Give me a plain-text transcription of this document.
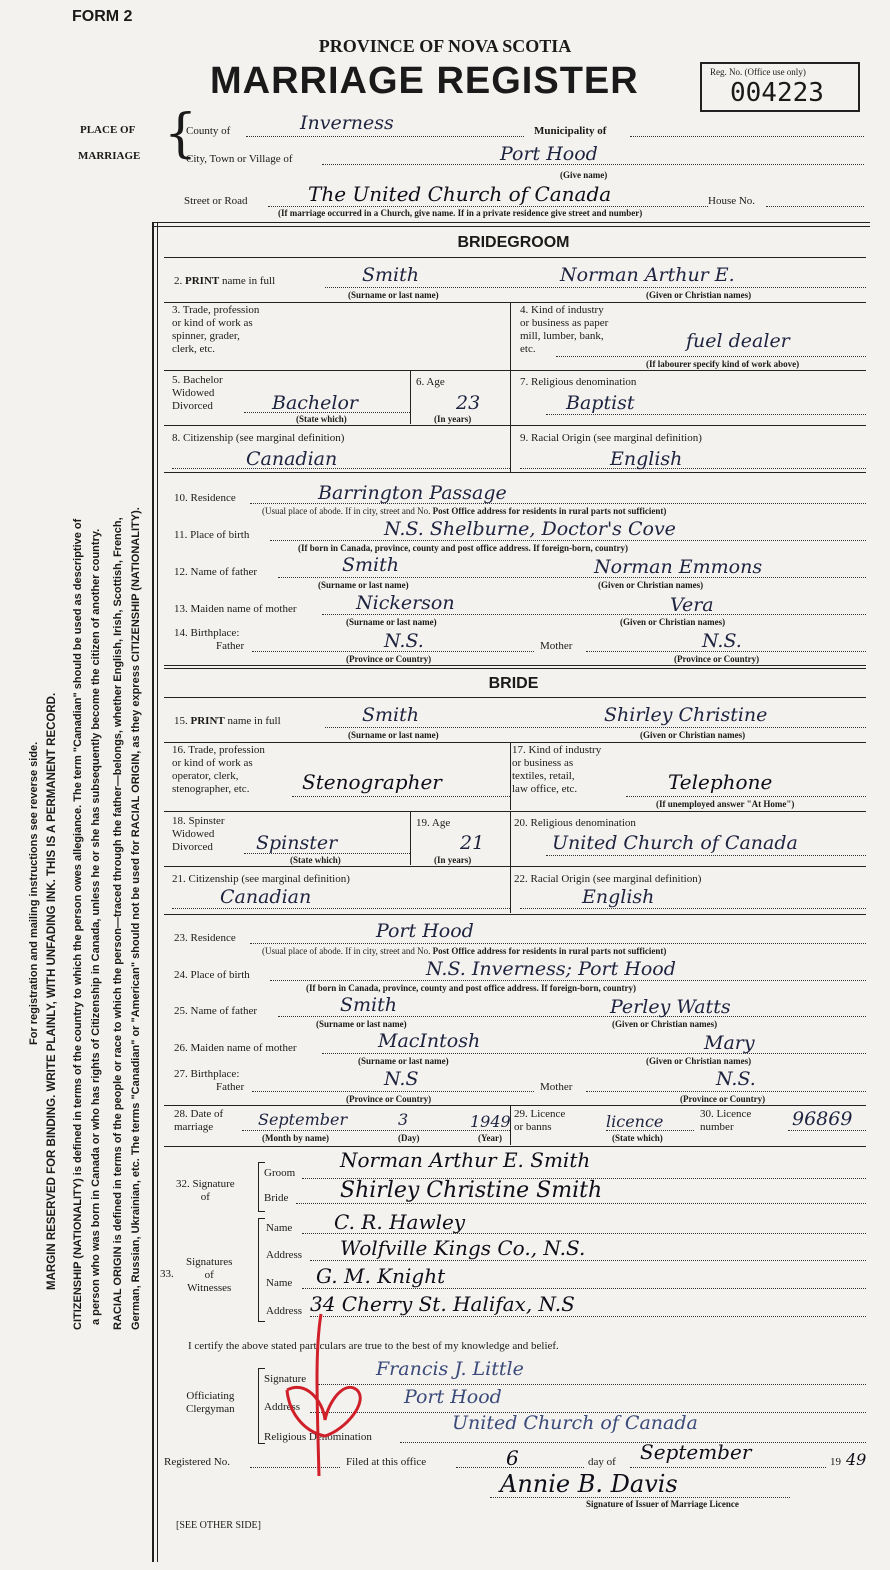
FORM 2
PROVINCE OF NOVA SCOTIA
MARRIAGE REGISTER	Reg. No. (Office use only)
004223
For registration and mailing instructions see reverse side. MARGIN RESERVED FOR BINDING. WRITE PLAINLY, WITH UNFADING INK. THIS IS A PERMANENT RECORD. CITIZENSHIP (NATIONALITY) is defined in terms of the country to which the person owes allegiance. The term "Canadian" should be used as descriptive of a person who was born in Canada or who has rights of Citizenship in Canada, unless he or she has subsequently become the citizen of another country. RACIAL ORIGIN is defined in terms of the people or race to which the person—traced through the father—belongs, whether English, Irish, Scottish, French, German, Russian, Ukrainian, etc. The terms "Canadian" or "American" should not be used for RACIAL ORIGIN, as they express CITIZENSHIP (NATIONALITY).
PLACE OF
MARRIAGE {
County of	Inverness	Municipality of
City, Town or Village of	Port Hood
(Give name)
Street or Road	The United Church of Canada	House No.
(If marriage occurred in a Church, give name. If in a private residence give street and number)
BRIDEGROOM
2. PRINT name in full	Smith	Norman Arthur E.
(Surname or last name)	(Given or Christian names)
3. Trade, profession
or kind of work as
spinner, grader,
clerk, etc.
4. Kind of industry
or business as paper
mill, lumber, bank,
etc.	fuel dealer
(If labourer specify kind of work above)
5. Bachelor
Widowed
Divorced	Bachelor
(State which)
6. Age
23
(In years)
7. Religious denomination
Baptist
8. Citizenship (see marginal definition)
Canadian
9. Racial Origin (see marginal definition)
English
10. Residence	Barrington Passage
(Usual place of abode. If in city, street and No. Post Office address for residents in rural parts not sufficient)
11. Place of birth	N.S. Shelburne, Doctor's Cove
(If born in Canada, province, county and post office address. If foreign-born, country)
12. Name of father	Smith	Norman Emmons
(Surname or last name)	(Given or Christian names)
13. Maiden name of mother	Nickerson	Vera
(Surname or last name)	(Given or Christian names)
14. Birthplace:
Father	N.S.	Mother	N.S.
(Province or Country)	(Province or Country)
BRIDE
15. PRINT name in full	Smith	Shirley Christine
(Surname or last name)	(Given or Christian names)
16. Trade, profession
or kind of work as
operator, clerk,
stenographer, etc.	Stenographer
17. Kind of industry
or business as
textiles, retail,
law office, etc.	Telephone
(If unemployed answer "At Home")
18. Spinster
Widowed
Divorced	Spinster
(State which)
19. Age
21
(In years)
20. Religious denomination
United Church of Canada
21. Citizenship (see marginal definition)
Canadian
22. Racial Origin (see marginal definition)
English
23. Residence	Port Hood
(Usual place of abode. If in city, street and No. Post Office address for residents in rural parts not sufficient)
24. Place of birth	N.S. Inverness; Port Hood
(If born in Canada, province, county and post office address. If foreign-born, country)
25. Name of father	Smith	Perley Watts
(Surname or last name)	(Given or Christian names)
26. Maiden name of mother	MacIntosh	Mary
(Surname or last name)	(Given or Christian names)
27. Birthplace:
Father	N.S	Mother	N.S.
(Province or Country)	(Province or Country)
28. Date of
marriage	September	3	1949
(Month by name)	(Day)	(Year)
29. Licence
or banns	licence
(State which)
30. Licence
number	96869
32. Signature
of
Groom
Norman Arthur E. Smith
Bride Shirley Christine Smith
33.
Signatures
of
Witnesses
Name C. R. Hawley
Address Wolfville Kings Co., N.S.
Name G. M. Knight
Address 34 Cherry St. Halifax, N.S
I certify the above stated particulars are true to the best of my knowledge and belief.
Officiating
Clergyman
Signature	Francis J. Little
Address	Port Hood
Religious Denomination
United Church of Canada
Registered No.	Filed at this office	6	day of September	19 49
Annie B. Davis
Signature of Issuer of Marriage Licence
[SEE OTHER SIDE]
